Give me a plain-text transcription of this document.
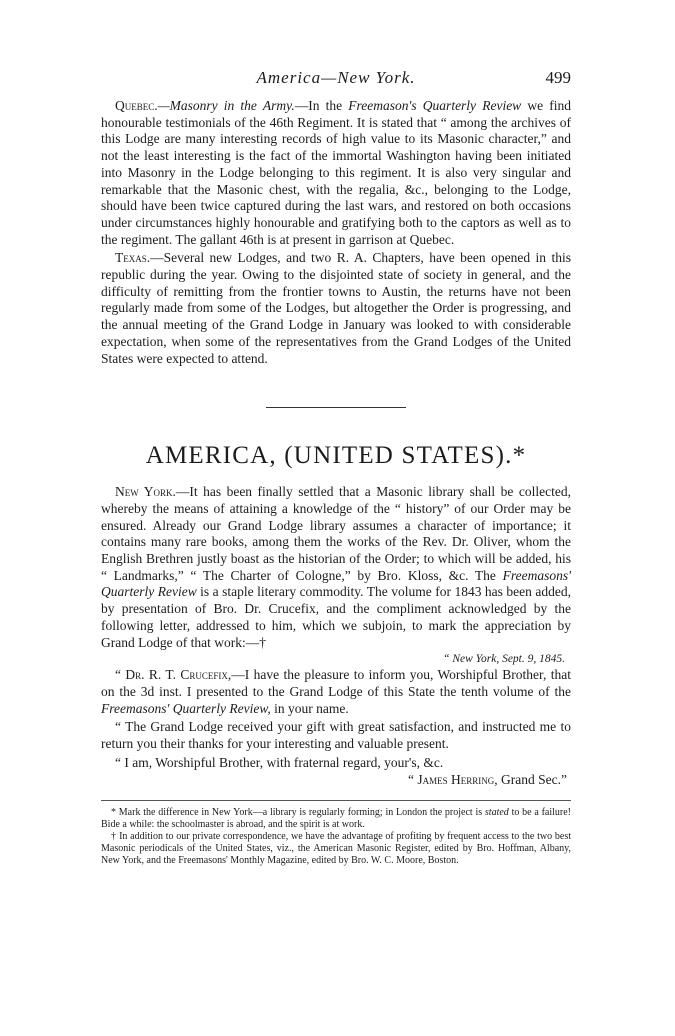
America—New York.	499

Quebec.—Masonry in the Army.—In the Freemason's Quarterly Review we find honourable testimonials of the 46th Regiment. It is stated that “ among the archives of this Lodge are many interesting records of high value to its Masonic character,” and not the least interesting is the fact of the immortal Washington having been initiated into Masonry in the Lodge belonging to this regiment. It is also very singular and remarkable that the Masonic chest, with the regalia, &c., belonging to the Lodge, should have been twice captured during the last wars, and restored on both occasions under circumstances highly honourable and gratifying both to the captors as well as to the regiment. The gallant 46th is at present in garrison at Quebec.

Texas.—Several new Lodges, and two R. A. Chapters, have been opened in this republic during the year. Owing to the disjointed state of society in general, and the difficulty of remitting from the frontier towns to Austin, the returns have not been regularly made from some of the Lodges, but altogether the Order is progressing, and the annual meeting of the Grand Lodge in January was looked to with considerable expectation, when some of the representatives from the Grand Lodges of the United States were expected to attend.

AMERICA, (UNITED STATES).*

New York.—It has been finally settled that a Masonic library shall be collected, whereby the means of attaining a knowledge of the “ history” of our Order may be ensured. Already our Grand Lodge library assumes a character of importance; it contains many rare books, among them the works of the Rev. Dr. Oliver, whom the English Brethren justly boast as the historian of the Order; to which will be added, his “ Landmarks,” “ The Charter of Cologne,” by Bro. Kloss, &c. The Freemasons' Quarterly Review is a staple literary commodity. The volume for 1843 has been added, by presentation of Bro. Dr. Crucefix, and the compliment acknowledged by the following letter, addressed to him, which we subjoin, to mark the appreciation by Grand Lodge of that work:—†

“ New York, Sept. 9, 1845.

“ Dr. R. T. Crucefix,—I have the pleasure to inform you, Worshipful Brother, that on the 3d inst. I presented to the Grand Lodge of this State the tenth volume of the Freemasons' Quarterly Review, in your name.

“ The Grand Lodge received your gift with great satisfaction, and instructed me to return you their thanks for your interesting and valuable present.

“ I am, Worshipful Brother, with fraternal regard, your's, &c.

“ James Herring, Grand Sec.”

* Mark the difference in New York—a library is regularly forming; in London the project is stated to be a failure! Bide a while: the schoolmaster is abroad, and the spirit is at work.

† In addition to our private correspondence, we have the advantage of profiting by frequent access to the two best Masonic periodicals of the United States, viz., the American Masonic Register, edited by Bro. Hoffman, Albany, New York, and the Freemasons' Monthly Magazine, edited by Bro. W. C. Moore, Boston.
